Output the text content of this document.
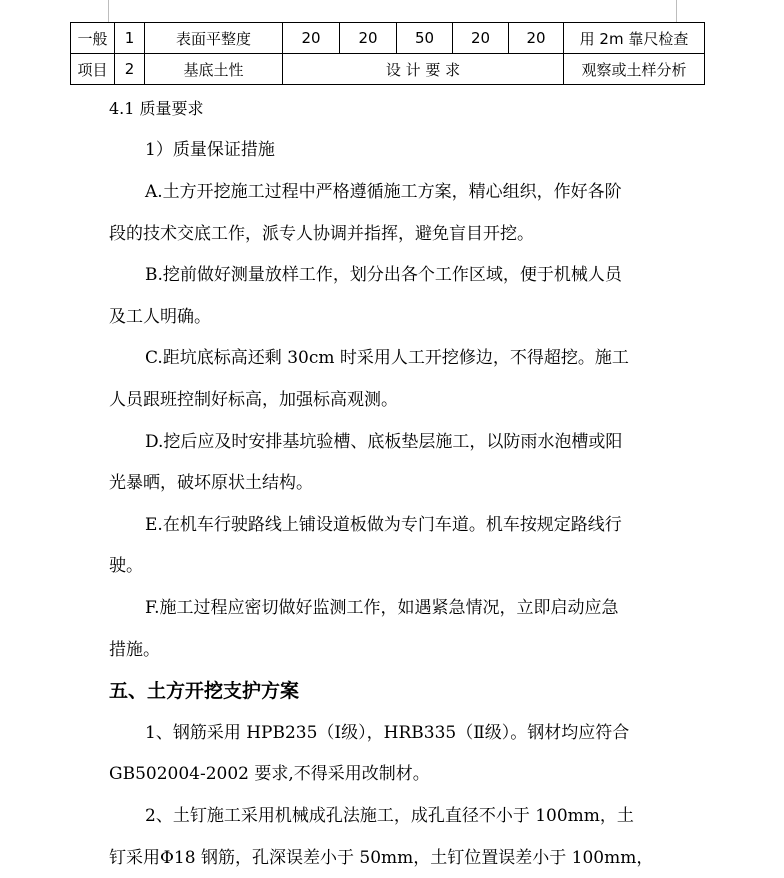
一般	1	表面平整度	20	20	50	20	20	用 2m 靠尺检查
项目	2	基底土性	设 计 要 求					观察或土样分析
4.1 质量要求
1）质量保证措施
A.土方开挖施工过程中严格遵循施工方案，精心组织，作好各阶
段的技术交底工作，派专人协调并指挥，避免盲目开挖。
B.挖前做好测量放样工作，划分出各个工作区域，便于机械人员
及工人明确。
C.距坑底标高还剩 30cm 时采用人工开挖修边，不得超挖。施工
人员跟班控制好标高，加强标高观测。
D.挖后应及时安排基坑验槽、底板垫层施工，以防雨水泡槽或阳
光暴晒，破坏原状土结构。
E.在机车行驶路线上铺设道板做为专门车道。机车按规定路线行
驶。
F.施工过程应密切做好监测工作，如遇紧急情况，立即启动应急
措施。
五、土方开挖支护方案
1、钢筋采用 HPB235（Ⅰ级），HRB335（Ⅱ级）。钢材均应符合
GB502004-2002 要求,不得采用改制材。
2、土钉施工采用机械成孔法施工，成孔直径不小于 100mm，土
钉采用Φ18 钢筋，孔深误差小于 50mm，土钉位置误差小于 100mm，
